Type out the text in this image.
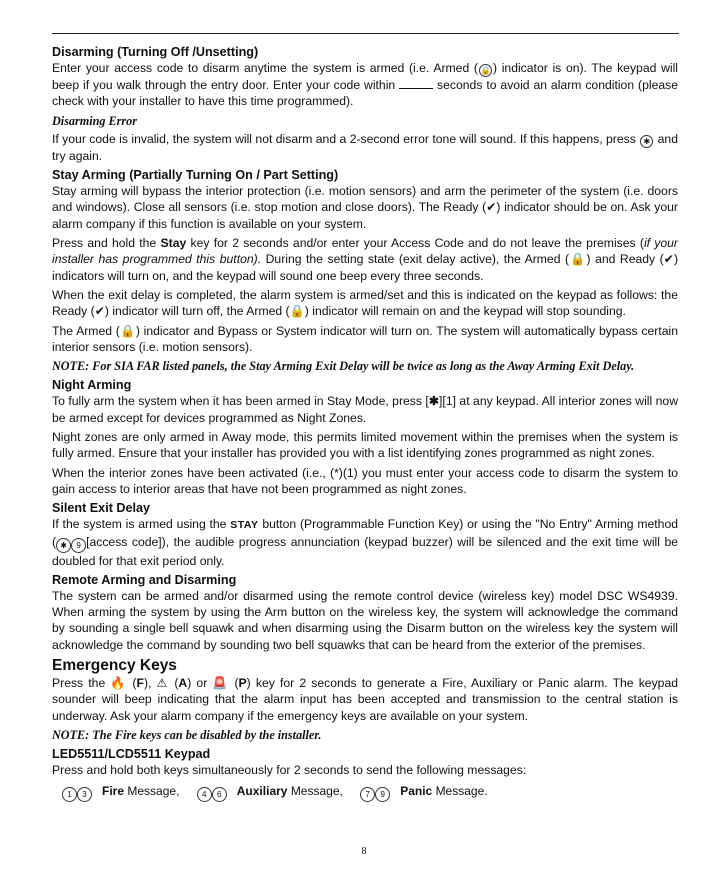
Disarming (Turning Off /Unsetting)

Enter your access code to disarm anytime the system is armed (i.e. Armed ( 🔒 ) indicator is on). The keypad will beep if you walk through the entry door. Enter your code within	seconds to avoid an alarm condition (please check with your installer to have this time programmed).

Disarming Error

If your code is invalid, the system will not disarm and a 2-second error tone will sound. If this happens, press ✱ and try again.

Stay Arming (Partially Turning On / Part Setting)

Stay arming will bypass the interior protection (i.e. motion sensors) and arm the perimeter of the system (i.e. doors and windows). Close all sensors (i.e. stop motion and close doors). The Ready (✔) indicator should be on. Ask your alarm company if this function is available on your system.

Press and hold the Stay key for 2 seconds and/or enter your Access Code and do not leave the premises (if your installer has programmed this button). During the setting state (exit delay active), the Armed (🔒) and Ready (✔) indicators will turn on, and the keypad will sound one beep every three seconds.

When the exit delay is completed, the alarm system is armed/set and this is indicated on the keypad as follows: the Ready (✔) indicator will turn off, the Armed (🔒) indicator will remain on and the keypad will stop sounding.

The Armed (🔒) indicator and Bypass or System indicator will turn on. The system will automatically bypass certain interior sensors (i.e. motion sensors).

NOTE: For SIA FAR listed panels, the Stay Arming Exit Delay will be twice as long as the Away Arming Exit Delay.
Night Arming

To fully arm the system when it has been armed in Stay Mode, press [✱][1] at any keypad. All interior zones will now be armed except for devices programmed as Night Zones.

Night zones are only armed in Away mode, this permits limited movement within the premises when the system is fully armed. Ensure that your installer has provided you with a list identifying zones programmed as night zones.

When the interior zones have been activated (i.e., (*)(1) you must enter your access code to disarm the system to gain access to interior areas that have not been programmed as night zones.

Silent Exit Delay

If the system is armed using the STAY button (Programmable Function Key) or using the "No Entry" Arming method ( ✱ 9 [access code]), the audible progress annunciation (keypad buzzer) will be silenced and the exit time will be doubled for that exit period only.

Remote Arming and Disarming

The system can be armed and/or disarmed using the remote control device (wireless key) model DSC WS4939. When arming the system by using the Arm button on the wireless key, the system will acknowledge the command by sounding a single bell squawk and when disarming using the Disarm button on the wireless key the system will acknowledge the command by sounding two bell squawks that can be heard from the exterior of the premises.

Emergency Keys

Press the 🔥 (F), ⚠ (A) or 🚨 (P) key for 2 seconds to generate a Fire, Auxiliary or Panic alarm. The keypad sounder will beep indicating that the alarm input has been accepted and transmission to the central station is underway. Ask your alarm company if the emergency keys are available on your system.

NOTE: The Fire keys can be disabled by the installer.
LED5511/LCD5511 Keypad

Press and hold both keys simultaneously for 2 seconds to send the following messages:

1 3 Fire Message,	4 6 Auxiliary Message,	7 9 Panic Message.
8
